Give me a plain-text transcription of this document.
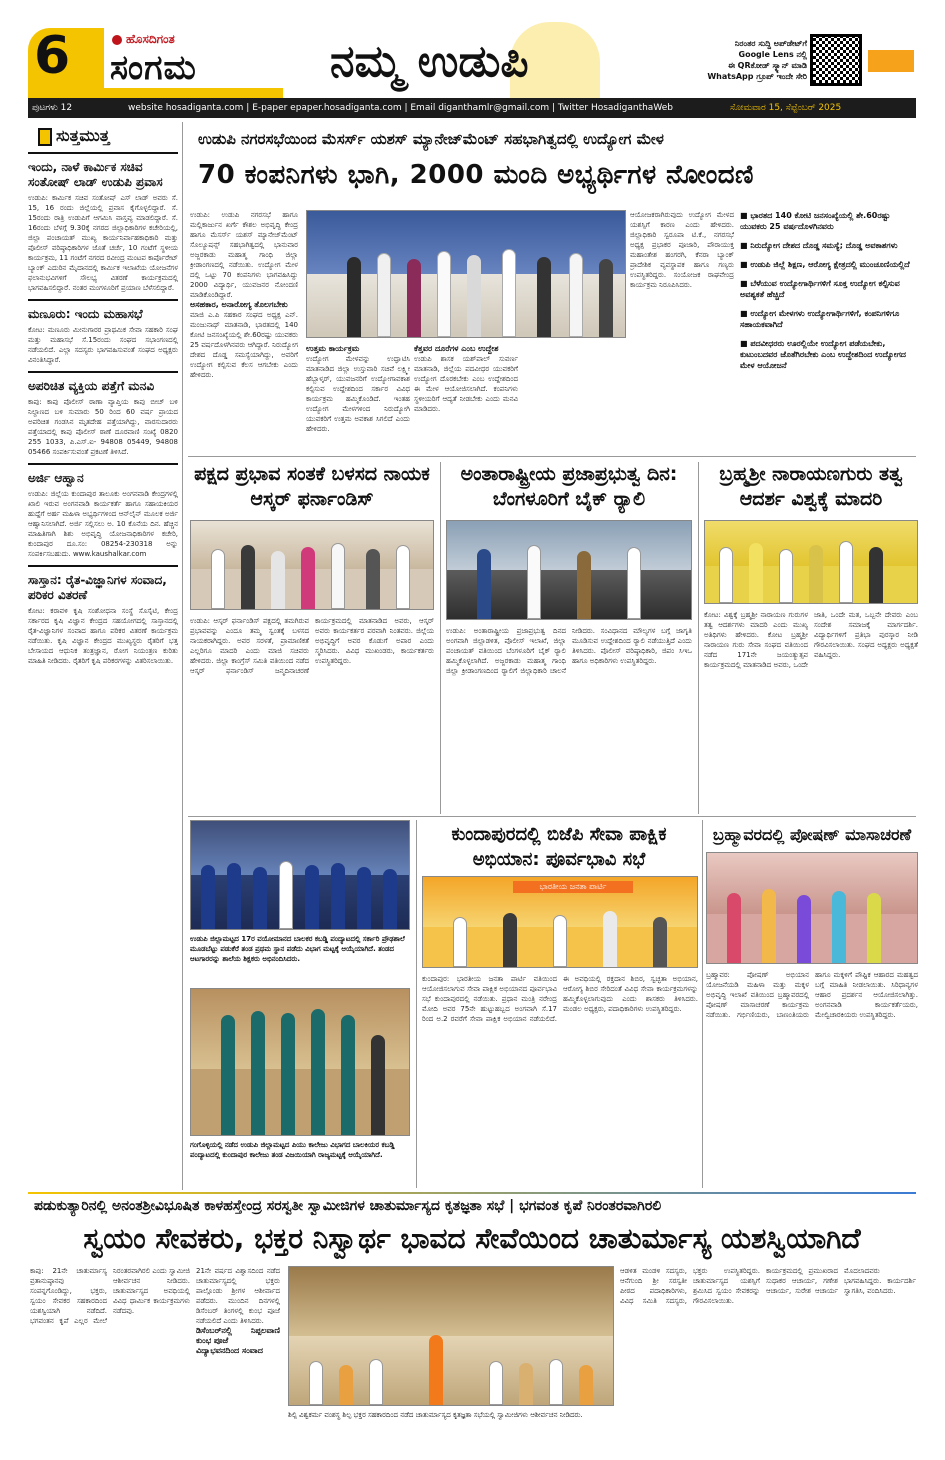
6	ಹೊಸದಿಗಂತ
ಸಂಗಮ	ನಮ್ಮ ಉಡುಪಿ	ನಿರಂತರ ಸುದ್ದಿ ಅಪ್‌ಡೇಟ್‌ಗೆ
Google Lens ನಲ್ಲಿ
ಈ QRಕೋಡ್ ಸ್ಕ್ಯಾನ್ ಮಾಡಿ
WhatsApp ಗ್ರೂಪ್ ಇಂದೇ ಸೇರಿ
ಪುಟಗಳು 12	website hosadiganta.com | E-paper epaper.hosadiganta.com | Email diganthamlr@gmail.com | Twitter HosadiganthaWeb	ಸೋಮವಾರ 15, ಸೆಪ್ಟೆಂಬರ್ 2025
ಸುತ್ತಮುತ್ತ
ಇಂದು, ನಾಳೆ ಕಾರ್ಮಿಕ ಸಚಿವ ಸಂತೋಷ್ ಲಾಡ್ ಉಡುಪಿ ಪ್ರವಾಸ
ಉಡುಪಿ: ಕಾರ್ಮಿಕ ಸಚಿವ ಸಂತೋಷ್ ಎಸ್ ಲಾಡ್ ಅವರು ಸೆ. 15, 16 ರಂದು ಜಿಲ್ಲೆಯಲ್ಲಿ ಪ್ರವಾಸ ಕೈಗೊಳ್ಳಲಿದ್ದಾರೆ. ಸೆ. 15ರಂದು ರಾತ್ರಿ ಉಡುಪಿಗೆ ಆಗಮಿಸಿ ವಾಸ್ತವ್ಯ ಮಾಡಲಿದ್ದಾರೆ. ಸೆ. 16ರಂದು ಬೆಳಗ್ಗೆ 9.30ಕ್ಕೆ ನಗರದ ಜಿಲ್ಲಾಧಿಕಾರಿಗಳ ಕಚೇರಿಯಲ್ಲಿ, ಜಿಲ್ಲಾ ಪಂಚಾಯತ್ ಮುಖ್ಯ ಕಾರ್ಯನಿರ್ವಾಹಕಾಧಿಕಾರಿ ಮತ್ತು ಪೊಲೀಸ್ ವರಿಷ್ಠಾಧಿಕಾರಿಗಳ ಜೊತೆ ಚರ್ಚೆ, 10 ಗಂಟೆಗೆ ಸ್ಥಳೀಯ ಕಾರ್ಯಕ್ರಮ, 11 ಗಂಟೆಗೆ ನಗರದ ರವೀಂದ್ರ ಮಂಟಪ ಕಾರ್ಪೊರೇಟ್ ಬ್ಯಾಂಕ್ ಎದುರಿನ ಮೈದಾನದಲ್ಲಿ ಕಾರ್ಮಿಕ ಇಲಾಖೆಯ ಯೋಜನೆಗಳ ಫಲಾನುಭವಿಗಳಿಗೆ ಸೌಲಭ್ಯ ವಿತರಣೆ ಕಾರ್ಯಕ್ರಮದಲ್ಲಿ ಭಾಗವಹಿಸಲಿದ್ದಾರೆ. ನಂತರ ಮಂಗಳೂರಿಗೆ ಪ್ರಯಾಣ ಬೆಳೆಸಲಿದ್ದಾರೆ.
ಮಣೂರು: ಇಂದು ಮಹಾಸಭೆ
ಕೋಟ: ಮಣೂರು ಮೀನುಗಾರರ ಪ್ರಾಥಮಿಕ ಸೇವಾ ಸಹಕಾರಿ ಸಂಘ ಮತ್ತು ಮಹಾಸಭೆ ಸೆ.15ರಂದು ಸಂಘದ ಸಭಾಂಗಣದಲ್ಲಿ ನಡೆಯಲಿದೆ. ಎಲ್ಲಾ ಸದಸ್ಯರು ಭಾಗವಹಿಸುವಂತೆ ಸಂಘದ ಅಧ್ಯಕ್ಷರು ವಿನಂತಿಸಿದ್ದಾರೆ.
ಅಪರಿಚಿತ ವ್ಯಕ್ತಿಯ ಪತ್ತೆಗೆ ಮನವಿ
ಕಾಪು: ಕಾಪು ಪೊಲೀಸ್ ಠಾಣಾ ವ್ಯಾಪ್ತಿಯ ಕಾಪು ಬೀಚ್ ಬಳಿ ನಿಲ್ದಾಣದ ಬಳಿ ಸುಮಾರು 50 ರಿಂದ 60 ವರ್ಷ ಪ್ರಾಯದ ಅಪರಿಚಿತ ಗಂಡಸಿನ ಮೃತದೇಹ ಪತ್ತೆಯಾಗಿದ್ದು, ವಾರಸುದಾರರು ಪತ್ತೆಯಾದಲ್ಲಿ ಕಾಪು ಪೊಲೀಸ್ ಠಾಣೆ ದೂರವಾಣಿ ಸಂಖ್ಯೆ 0820 255 1033, ಪಿ.ಎಸ್.ಐ- 94808 05449, 94808 05466 ಸಂಪರ್ಕಿಸುವಂತೆ ಪ್ರಕಟಣೆ ತಿಳಿಸಿದೆ.
ಅರ್ಜಿ ಆಹ್ವಾನ
ಉಡುಪಿ: ಜಿಲ್ಲೆಯ ಕುಂದಾಪುರ ತಾಲೂಕು ಅಂಗನವಾಡಿ ಕೇಂದ್ರಗಳಲ್ಲಿ ಖಾಲಿ ಇರುವ ಅಂಗನವಾಡಿ ಕಾರ್ಯಕರ್ತೆ ಹಾಗೂ ಸಹಾಯಕಿಯರ ಹುದ್ದೆಗೆ ಅರ್ಹ ಮಹಿಳಾ ಅಭ್ಯರ್ಥಿಗಳಿಂದ ಆನ್‌ಲೈನ್ ಮೂಲಕ ಅರ್ಜಿ ಆಹ್ವಾನಿಸಲಾಗಿದೆ. ಅರ್ಜಿ ಸಲ್ಲಿಸಲು ಅ. 10 ಕೊನೆಯ ದಿನ. ಹೆಚ್ಚಿನ ಮಾಹಿತಿಗಾಗಿ ಶಿಶು ಅಭಿವೃದ್ಧಿ ಯೋಜನಾಧಿಕಾರಿಗಳ ಕಚೇರಿ, ಕುಂದಾಪುರ ದೂ.ಸಂ: 08254-230318 ಅನ್ನು ಸಂಪರ್ಕಿಸಬಹುದು. www.kaushalkar.com
ಸಾಸ್ತಾನ: ರೈತ-ವಿಜ್ಞಾನಿಗಳ ಸಂವಾದ, ಪರಿಕರ ವಿತರಣೆ
ಕೋಟ: ಕರಾವಳಿ ಕೃಷಿ ಸಂಶೋಧನಾ ಸಂಸ್ಥೆ ಸೊಸೈಟಿ, ಕೇಂದ್ರ ಸರ್ಕಾರದ ಕೃಷಿ ವಿಜ್ಞಾನ ಕೇಂದ್ರದ ಸಹಯೋಗದಲ್ಲಿ ಸಾಸ್ತಾನದಲ್ಲಿ ರೈತ-ವಿಜ್ಞಾನಿಗಳ ಸಂವಾದ ಹಾಗೂ ಪರಿಕರ ವಿತರಣೆ ಕಾರ್ಯಕ್ರಮ ನಡೆಯಿತು. ಕೃಷಿ ವಿಜ್ಞಾನ ಕೇಂದ್ರದ ಮುಖ್ಯಸ್ಥರು ರೈತರಿಗೆ ಭತ್ತ ಬೇಸಾಯದ ಆಧುನಿಕ ತಂತ್ರಜ್ಞಾನ, ರೋಗ ನಿಯಂತ್ರಣ ಕುರಿತು ಮಾಹಿತಿ ನೀಡಿದರು. ರೈತರಿಗೆ ಕೃಷಿ ಪರಿಕರಗಳನ್ನು ವಿತರಿಸಲಾಯಿತು.
ಉಡುಪಿ ನಗರಸಭೆಯಿಂದ ಮೆಸರ್ಸ್ ಯಶಸ್ ಮ್ಯಾನೇಜ್‌ಮೆಂಟ್ ಸಹಭಾಗಿತ್ವದಲ್ಲಿ ಉದ್ಯೋಗ ಮೇಳ
70 ಕಂಪನಿಗಳು ಭಾಗಿ, 2000 ಮಂದಿ ಅಭ್ಯರ್ಥಿಗಳ ನೋಂದಣಿ
ಉಡುಪಿ: ಉಡುಪಿ ನಗರಸಭೆ ಹಾಗೂ ಮಲ್ಲಿಕಾರ್ಜುನ ಖರ್ಗೆ ಕೌಶಲ ಅಭಿವೃದ್ಧಿ ಕೇಂದ್ರ ಹಾಗೂ ಮೆಸರ್ಸ್ ಯಶಸ್ ಮ್ಯಾನೇಜ್‌ಮೆಂಟ್ ಸೊಲ್ಯೂಷನ್ಸ್ ಸಹಭಾಗಿತ್ವದಲ್ಲಿ ಭಾನುವಾರ ಅಜ್ಜರಕಾಡು ಮಹಾತ್ಮ ಗಾಂಧಿ ಜಿಲ್ಲಾ ಕ್ರೀಡಾಂಗಣದಲ್ಲಿ ನಡೆಯಿತು. ಉದ್ಯೋಗ ಮೇಳ ದಲ್ಲಿ ಒಟ್ಟು 70 ಕಂಪನಿಗಳು ಭಾಗವಹಿಸಿದ್ದು 2000 ವಿದ್ಯಾರ್ಥಿ, ಯುವಜನರ ನೋಂದಣಿ ಮಾಡಿಕೊಂಡಿದ್ದಾರೆ.
ಅಸಹಕಾರ, ಅನಾರೋಗ್ಯ ತೊಲಗಬೇಕು
ಮಾಜಿ ಎ.ಪಿ ಸಹಕಾರ ಸಂಘದ ಅಧ್ಯಕ್ಷ ಎನ್. ಮಂಜುನಾಥ್ ಮಾತನಾಡಿ, ಭಾರತದಲ್ಲಿ 140 ಕೋಟಿ ಜನಸಂಖ್ಯೆಯಲ್ಲಿ ಶೇ.60ರಷ್ಟು ಯುವಕರು 25 ವರ್ಷದೊಳಗಿನವರು ಆಗಿದ್ದಾರೆ. ನಿರುದ್ಯೋಗ ದೇಶದ ದೊಡ್ಡ ಸಮಸ್ಯೆಯಾಗಿದ್ದು, ಅವರಿಗೆ ಉದ್ಯೋಗ ಕಲ್ಪಿಸುವ ಕೆಲಸ ಆಗಬೇಕು ಎಂದು ಹೇಳಿದರು.
ಉತ್ತಮ ಕಾರ್ಯಕ್ರಮ
ಉದ್ಯೋಗ ಮೇಳವನ್ನು ಉದ್ಘಾಟಿಸಿ ಮಾತನಾಡಿದ ಜಿಲ್ಲಾ ಉಸ್ತುವಾರಿ ಸಚಿವೆ ಲಕ್ಷ್ಮೀ ಹೆಬ್ಬಾಳ್ಕರ್, ಯುವಜನರಿಗೆ ಉದ್ಯೋಗಾವಕಾಶ ಕಲ್ಪಿಸುವ ಉದ್ದೇಶದಿಂದ ಸರ್ಕಾರ ವಿವಿಧ ಕಾರ್ಯಕ್ರಮ ಹಮ್ಮಿಕೊಂಡಿದೆ. ಇಂತಹ ಉದ್ಯೋಗ ಮೇಳಗಳಿಂದ ನಿರುದ್ಯೋಗಿ ಯುವಕರಿಗೆ ಉತ್ತಮ ಅವಕಾಶ ಸಿಗಲಿದೆ ಎಂದು ಹೇಳಿದರು.
ಕೆತ್ತವರ ದೂರೆಗಳ ಎಂಬ ಉದ್ದೇಶ
ಉಡುಪಿ ಶಾಸಕ ಯಶ್‌ಪಾಲ್ ಸುವರ್ಣ ಮಾತನಾಡಿ, ಜಿಲ್ಲೆಯ ಪದವೀಧರ ಯುವಕರಿಗೆ ಉದ್ಯೋಗ ದೊರಕಬೇಕು ಎಂಬ ಉದ್ದೇಶದಿಂದ ಈ ಮೇಳ ಆಯೋಜಿಸಲಾಗಿದೆ. ಕಂಪನಿಗಳು ಸ್ಥಳೀಯರಿಗೆ ಆದ್ಯತೆ ನೀಡಬೇಕು ಎಂದು ಮನವಿ ಮಾಡಿದರು.
ಆಯೋಜಕರಾಗಿರುವುದು ಉದ್ಯೋಗ ಮೇಳದ ಯಶಸ್ಸಿಗೆ ಕಾರಣ ಎಂದು ಹೇಳಿದರು. ಜಿಲ್ಲಾಧಿಕಾರಿ ಸ್ವರೂಪಾ ಟಿ.ಕೆ., ನಗರಸಭೆ ಅಧ್ಯಕ್ಷ ಪ್ರಭಾಕರ ಪೂಜಾರಿ, ಪೌರಾಯುಕ್ತ ಮಹಾಂತೇಶ ಹಂಗರಗಿ, ಕೆನರಾ ಬ್ಯಾಂಕ್ ಪ್ರಾದೇಶಿಕ ವ್ಯವಸ್ಥಾಪಕ ಹಾಗೂ ಗಣ್ಯರು ಉಪಸ್ಥಿತರಿದ್ದರು. ಸಂಯೋಜಕ ರಾಘವೇಂದ್ರ ಕಾರ್ಯಕ್ರಮ ನಿರೂಪಿಸಿದರು.
■ ಭಾರತದ 140 ಕೋಟಿ ಜನಸಂಖ್ಯೆಯಲ್ಲಿ ಶೇ.60ರಷ್ಟು ಯುವಕರು 25 ವರ್ಷದೊಳಗಿನವರು
■ ನಿರುದ್ಯೋಗ ದೇಶದ ದೊಡ್ಡ ಸಮಸ್ಯೆ; ದೊಡ್ಡ ಅವಕಾಶಗಳು
■ ಉಡುಪಿ ಜಿಲ್ಲೆ ಶಿಕ್ಷಣ, ಆರೋಗ್ಯ ಕ್ಷೇತ್ರದಲ್ಲಿ ಮುಂಚೂಣಿಯಲ್ಲಿದೆ
■ ಬೆಳೆಯುವ ಉದ್ಯೋಗಾರ್ಥಿಗಳಿಗೆ ಸೂಕ್ತ ಉದ್ಯೋಗ ಕಲ್ಪಿಸುವ ಅವಶ್ಯಕತೆ ಹೆಚ್ಚಿದೆ
■ ಉದ್ಯೋಗ ಮೇಳಗಳು ಉದ್ಯೋಗಾರ್ಥಿಗಳಿಗೆ, ಕಂಪನಿಗಳಿಗೂ ಸಹಾಯಕವಾಗಿದೆ
■ ಪದವೀಧರರು ಊರಲ್ಲಿಯೇ ಉದ್ಯೋಗ ಪಡೆಯಬೇಕು, ಕುಟುಂಬದವರ ಜೊತೆಗಿರಬೇಕು ಎಂಬ ಉದ್ದೇಶದಿಂದ ಉದ್ಯೋಗದ ಮೇಳ ಆಯೋಜನೆ
ಪಕ್ಷದ ಪ್ರಭಾವ ಸಂತಕೆ ಬಳಸದ ನಾಯಕ ಆಸ್ಕರ್ ಫರ್ನಾಂಡಿಸ್
ಉಡುಪಿ: ಆಸ್ಕರ್ ಫರ್ನಾಂಡಿಸ್ ಪಕ್ಷದಲ್ಲಿ ತಮಗಿರುವ ಪ್ರಭಾವವನ್ನು ಎಂದೂ ತಮ್ಮ ಸ್ವಂತಕ್ಕೆ ಬಳಸದ ನಾಯಕರಾಗಿದ್ದರು. ಅವರ ಸರಳತೆ, ಪ್ರಾಮಾಣಿಕತೆ ಎಲ್ಲರಿಗೂ ಮಾದರಿ ಎಂದು ಮಾಜಿ ಸಚಿವರು ಹೇಳಿದರು. ಜಿಲ್ಲಾ ಕಾಂಗ್ರೆಸ್ ಸಮಿತಿ ವತಿಯಿಂದ ನಡೆದ ಆಸ್ಕರ್ ಫರ್ನಾಂಡಿಸ್ ಜನ್ಮದಿನಾಚರಣೆ ಕಾರ್ಯಕ್ರಮದಲ್ಲಿ ಮಾತನಾಡಿದ ಅವರು, ಆಸ್ಕರ್ ಅವರು ಕಾರ್ಯಕರ್ತರ ಪರವಾಗಿ ನಿಂತವರು. ಜಿಲ್ಲೆಯ ಅಭಿವೃದ್ಧಿಗೆ ಅವರ ಕೊಡುಗೆ ಅಪಾರ ಎಂದು ಸ್ಮರಿಸಿದರು. ವಿವಿಧ ಮುಖಂಡರು, ಕಾರ್ಯಕರ್ತರು ಉಪಸ್ಥಿತರಿದ್ದರು.
ಅಂತಾರಾಷ್ಟ್ರೀಯ ಪ್ರಜಾಪ್ರಭುತ್ವ ದಿನ: ಬೆಂಗಳೂರಿಗೆ ಬೈಕ್ ರ‍್ಯಾಲಿ
ಉಡುಪಿ: ಅಂತಾರಾಷ್ಟ್ರೀಯ ಪ್ರಜಾಪ್ರಭುತ್ವ ದಿನದ ಅಂಗವಾಗಿ ಜಿಲ್ಲಾಡಳಿತ, ಪೊಲೀಸ್ ಇಲಾಖೆ, ಜಿಲ್ಲಾ ಪಂಚಾಯತ್ ವತಿಯಿಂದ ಬೆಂಗಳೂರಿಗೆ ಬೈಕ್ ರ‍್ಯಾಲಿ ಹಮ್ಮಿಕೊಳ್ಳಲಾಗಿದೆ. ಅಜ್ಜರಕಾಡು ಮಹಾತ್ಮ ಗಾಂಧಿ ಜಿಲ್ಲಾ ಕ್ರೀಡಾಂಗಣದಿಂದ ರ‍್ಯಾಲಿಗೆ ಜಿಲ್ಲಾಧಿಕಾರಿ ಚಾಲನೆ ನೀಡಿದರು. ಸಂವಿಧಾನದ ಮೌಲ್ಯಗಳ ಬಗ್ಗೆ ಜಾಗೃತಿ ಮೂಡಿಸುವ ಉದ್ದೇಶದಿಂದ ರ‍್ಯಾಲಿ ನಡೆಯುತ್ತಿದೆ ಎಂದು ತಿಳಿಸಿದರು. ಪೊಲೀಸ್ ವರಿಷ್ಠಾಧಿಕಾರಿ, ಜಿಪಂ ಸಿಇಒ ಹಾಗೂ ಅಧಿಕಾರಿಗಳು ಉಪಸ್ಥಿತರಿದ್ದರು.
ಬ್ರಹ್ಮಶ್ರೀ ನಾರಾಯಣಗುರು ತತ್ವ ಆದರ್ಶ ವಿಶ್ವಕ್ಕೆ ಮಾದರಿ
ಕೋಟ: ವಿಶ್ವಕ್ಕೆ ಬ್ರಹ್ಮಶ್ರೀ ನಾರಾಯಣ ಗುರುಗಳ ತತ್ವ ಆದರ್ಶಗಳು ಮಾದರಿ ಎಂದು ಮುಖ್ಯ ಅತಿಥಿಗಳು ಹೇಳಿದರು. ಕೋಟ ಬ್ರಹ್ಮಶ್ರೀ ನಾರಾಯಣ ಗುರು ಸೇವಾ ಸಂಘದ ವತಿಯಿಂದ ನಡೆದ 171ನೇ ಜಯಂತ್ಯುತ್ಸವ ಕಾರ್ಯಕ್ರಮದಲ್ಲಿ ಮಾತನಾಡಿದ ಅವರು, ಒಂದೇ ಜಾತಿ, ಒಂದೇ ಮತ, ಒಬ್ಬನೇ ದೇವರು ಎಂಬ ಸಂದೇಶ ಸಮಾಜಕ್ಕೆ ಮಾರ್ಗದರ್ಶಿ. ವಿದ್ಯಾರ್ಥಿಗಳಿಗೆ ಪ್ರತಿಭಾ ಪುರಸ್ಕಾರ ನೀಡಿ ಗೌರವಿಸಲಾಯಿತು. ಸಂಘದ ಅಧ್ಯಕ್ಷರು ಅಧ್ಯಕ್ಷತೆ ವಹಿಸಿದ್ದರು.
ಉಡುಪಿ ಜಿಲ್ಲಾಮಟ್ಟದ 17ರ ವಯೋಮಾನದ ಬಾಲಕರ ಕಬಡ್ಡಿ ಪಂದ್ಯಾಟದಲ್ಲಿ ಸರ್ಕಾರಿ ಪ್ರೌಢಶಾಲೆ ಮೂಡಬೆಟ್ಟು ಪಡುಕೆರೆ ತಂಡ ಪ್ರಥಮ ಸ್ಥಾನ ಪಡೆದು ವಿಭಾಗ ಮಟ್ಟಕ್ಕೆ ಆಯ್ಕೆಯಾಗಿದೆ. ತಂಡದ ಆಟಗಾರರನ್ನು ಶಾಲೆಯ ಶಿಕ್ಷಕರು ಅಭಿನಂದಿಸಿದರು.
ಗಂಗೊಳ್ಳಿಯಲ್ಲಿ ನಡೆದ ಉಡುಪಿ ಜಿಲ್ಲಾಮಟ್ಟದ ಪಿಯು ಕಾಲೇಜು ವಿಭಾಗದ ಬಾಲಕಿಯರ ಕಬಡ್ಡಿ ಪಂದ್ಯಾಟದಲ್ಲಿ ಕುಂದಾಪುರ ಕಾಲೇಜು ತಂಡ ವಿಜಯಿಯಾಗಿ ರಾಜ್ಯಮಟ್ಟಕ್ಕೆ ಆಯ್ಕೆಯಾಗಿದೆ.
ಕುಂದಾಪುರದಲ್ಲಿ ಬಿಜೆಪಿ ಸೇವಾ ಪಾಕ್ಷಿಕ ಅಭಿಯಾನ: ಪೂರ್ವಭಾವಿ ಸಭೆ
ಭಾರತೀಯ ಜನತಾ ಪಾರ್ಟಿ
ಕುಂದಾಪುರ: ಭಾರತೀಯ ಜನತಾ ಪಾರ್ಟಿ ವತಿಯಿಂದ ಆಯೋಜಿಸಲಾಗುವ ಸೇವಾ ಪಾಕ್ಷಿಕ ಅಭಿಯಾನದ ಪೂರ್ವಭಾವಿ ಸಭೆ ಕುಂದಾಪುರದಲ್ಲಿ ನಡೆಯಿತು. ಪ್ರಧಾನ ಮಂತ್ರಿ ನರೇಂದ್ರ ಮೋದಿ ಅವರ 75ನೇ ಹುಟ್ಟುಹಬ್ಬದ ಅಂಗವಾಗಿ ಸೆ.17 ರಿಂದ ಅ.2 ರವರೆಗೆ ಸೇವಾ ಪಾಕ್ಷಿಕ ಅಭಿಯಾನ ನಡೆಯಲಿದೆ. ಈ ಅವಧಿಯಲ್ಲಿ ರಕ್ತದಾನ ಶಿಬಿರ, ಸ್ವಚ್ಛತಾ ಅಭಿಯಾನ, ಆರೋಗ್ಯ ಶಿಬಿರ ಸೇರಿದಂತೆ ವಿವಿಧ ಸೇವಾ ಕಾರ್ಯಕ್ರಮಗಳನ್ನು ಹಮ್ಮಿಕೊಳ್ಳಲಾಗುವುದು ಎಂದು ಶಾಸಕರು ತಿಳಿಸಿದರು. ಮಂಡಲ ಅಧ್ಯಕ್ಷರು, ಪದಾಧಿಕಾರಿಗಳು ಉಪಸ್ಥಿತರಿದ್ದರು.
ಬ್ರಹ್ಮಾವರದಲ್ಲಿ ಪೋಷಣ್ ಮಾಸಾಚರಣೆ
ಬ್ರಹ್ಮಾವರ: ಪೋಷಣ್ ಅಭಿಯಾನ ಯೋಜನೆಯಡಿ ಮಹಿಳಾ ಮತ್ತು ಮಕ್ಕಳ ಅಭಿವೃದ್ಧಿ ಇಲಾಖೆ ವತಿಯಿಂದ ಬ್ರಹ್ಮಾವರದಲ್ಲಿ ಪೋಷಣ್ ಮಾಸಾಚರಣೆ ಕಾರ್ಯಕ್ರಮ ನಡೆಯಿತು. ಗರ್ಭಿಣಿಯರು, ಬಾಣಂತಿಯರು ಹಾಗೂ ಮಕ್ಕಳಿಗೆ ಪೌಷ್ಟಿಕ ಆಹಾರದ ಮಹತ್ವದ ಬಗ್ಗೆ ಮಾಹಿತಿ ನೀಡಲಾಯಿತು. ಸಿರಿಧಾನ್ಯಗಳ ಆಹಾರ ಪ್ರದರ್ಶನ ಆಯೋಜಿಸಲಾಗಿತ್ತು. ಅಂಗನವಾಡಿ ಕಾರ್ಯಕರ್ತೆಯರು, ಮೇಲ್ವಿಚಾರಕಿಯರು ಉಪಸ್ಥಿತರಿದ್ದರು.
ಪಡುಕುತ್ಯಾರಿನಲ್ಲಿ ಅನಂತಶ್ರೀವಿಭೂಷಿತ ಕಾಳಹಸ್ತೇಂದ್ರ ಸರಸ್ವತೀ ಸ್ವಾಮೀಜಿಗಳ ಚಾತುರ್ಮಾಸ್ಯದ ಕೃತಜ್ಞತಾ ಸಭೆ | ಭಗವಂತ ಕೃಪೆ ನಿರಂತರವಾಗಿರಲಿ
ಸ್ವಯಂ ಸೇವಕರು, ಭಕ್ತರ ನಿಸ್ವಾರ್ಥ ಭಾವದ ಸೇವೆಯಿಂದ ಚಾತುರ್ಮಾಸ್ಯ ಯಶಸ್ವಿಯಾಗಿದೆ
ಕಾಪು: 21ನೇ ಚಾತುರ್ಮಾಸ್ಯ ವ್ರತಾನುಷ್ಠಾನವು ಸಂಪನ್ನಗೊಂಡಿದ್ದು, ಭಕ್ತರು, ಸ್ವಯಂ ಸೇವಕರ ಸಹಕಾರದಿಂದ ಯಶಸ್ವಿಯಾಗಿ ನಡೆದಿದೆ. ಭಗವಂತನ ಕೃಪೆ ಎಲ್ಲರ ಮೇಲೆ ನಿರಂತರವಾಗಿರಲಿ ಎಂದು ಸ್ವಾಮೀಜಿ ಆಶೀರ್ವಚನ ನೀಡಿದರು. ಚಾತುರ್ಮಾಸ್ಯದ ಅವಧಿಯಲ್ಲಿ ವಿವಿಧ ಧಾರ್ಮಿಕ ಕಾರ್ಯಕ್ರಮಗಳು ನಡೆದವು.
21ನೇ ವರ್ಷದ ವಿಶ್ವಾಸದಿಂದ ನಡೆದ ಚಾತುರ್ಮಾಸ್ಯದಲ್ಲಿ ಭಕ್ತರು ಪಾಲ್ಗೊಂಡು ಶ್ರೀಗಳ ಆಶೀರ್ವಾದ ಪಡೆದರು. ಮುಂದಿನ ದಿನಗಳಲ್ಲಿ ಡಿಸೆಂಬರ್ ತಿಂಗಳಲ್ಲಿ ಕುಂಭ ಪೂಜೆ ನಡೆಯಲಿದೆ ಎಂದು ತಿಳಿಸಿದರು.
ಡಿಸೆಂಬರ್‌ನಲ್ಲಿ ನಿಪ್ಪಲವಾಣಿ ಕುಂಭ ಪೂಜೆ
ವಿದ್ಯಾಭವನದಿಂದ ಸಂವಾದ
ಶಿಲ್ಪಿ ವಿಶ್ವಕರ್ಮ ವಂಶಸ್ಥ ಶಿಲ್ಪ ಭಕ್ತರ ಸಹಕಾರದಿಂದ ನಡೆದ ಚಾತುರ್ಮಾಸ್ಯದ ಕೃತಜ್ಞತಾ ಸಭೆಯಲ್ಲಿ ಸ್ವಾಮೀಜಿಗಳು ಆಶೀರ್ವಚನ ನೀಡಿದರು.
ಆಡಳಿತ ಮಂಡಳಿ ಸದಸ್ಯರು, ಆನೆಗುಂದಿ ಶ್ರೀ ಸರಸ್ವತೀ ಪೀಠದ ಪದಾಧಿಕಾರಿಗಳು, ವಿವಿಧ ಸಮಿತಿ ಸದಸ್ಯರು, ಭಕ್ತರು ಉಪಸ್ಥಿತರಿದ್ದರು. ಚಾತುರ್ಮಾಸ್ಯದ ಯಶಸ್ಸಿಗೆ ಶ್ರಮಿಸಿದ ಸ್ವಯಂ ಸೇವಕರನ್ನು ಗೌರವಿಸಲಾಯಿತು.
ಕಾರ್ಯಕ್ರಮದಲ್ಲಿ ಪ್ರಮುಖರಾದ ಸುಧಾಕರ ಆಚಾರ್ಯ, ಗಣೇಶ ಆಚಾರ್ಯ, ಸುರೇಶ ಆಚಾರ್ಯ ಮೊದಲಾದವರು ಭಾಗವಹಿಸಿದ್ದರು. ಕಾರ್ಯದರ್ಶಿ ಸ್ವಾಗತಿಸಿ, ವಂದಿಸಿದರು.
